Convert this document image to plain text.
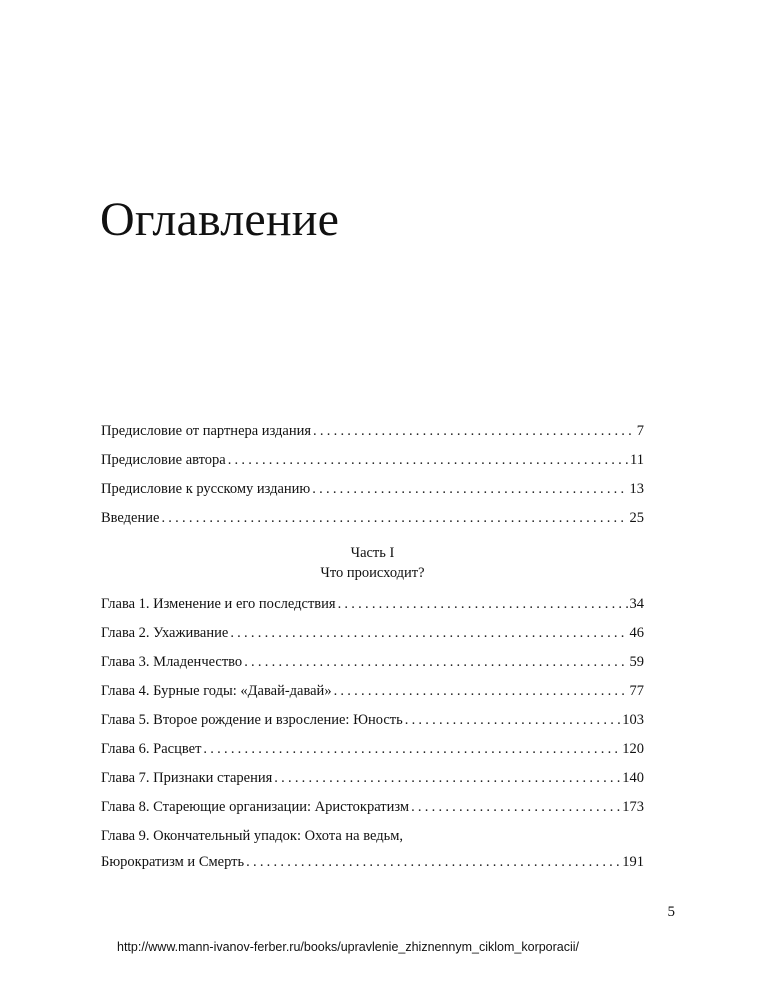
Оглавление
Предисловие от партнера издания . . .	7
Предисловие автора . . .	11
Предисловие к русскому изданию . . .	13
Введение . . .	25
Часть I
Что происходит?
Глава 1. Изменение и его последствия . . .	34
Глава 2. Ухаживание . . .	46
Глава 3. Младенчество . . .	59
Глава 4. Бурные годы: «Давай-давай» . . .	77
Глава 5. Второе рождение и взросление: Юность . . .	103
Глава 6. Расцвет . . .	120
Глава 7. Признаки старения . . .	140
Глава 8. Стареющие организации: Аристократизм . . .	173
Глава 9. Окончательный упадок: Охота на ведьм,
Бюрократизм и Смерть . . .	191
5
http://www.mann-ivanov-ferber.ru/books/upravlenie_zhiznennym_ciklom_korporacii/
